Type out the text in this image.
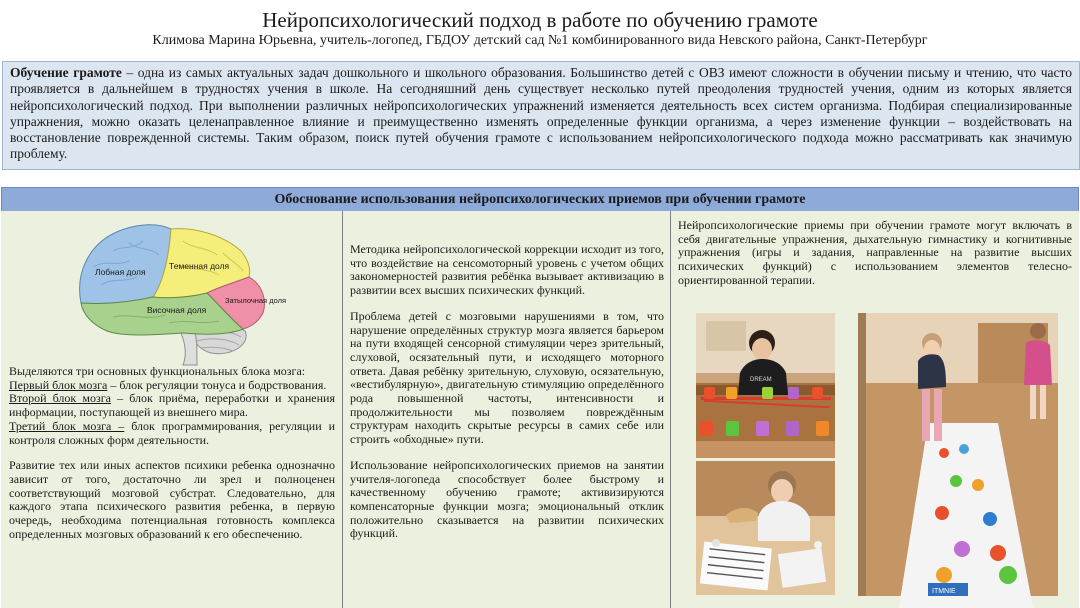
Нейропсихологический подход в работе по обучению грамоте
Климова Марина Юрьевна, учитель-логопед, ГБДОУ детский сад №1 комбинированного вида Невского района, Санкт-Петербург
Обучение грамоте – одна из самых актуальных задач дошкольного и школьного образования. Большинство детей с ОВЗ имеют сложности в обучении письму и чтению, что часто проявляется в дальнейшем в трудностях учения в школе. На сегодняшний день существует несколько путей преодоления трудностей учения, одним из которых является нейропсихологический подход. При выполнении различных нейропсихологических упражнений изменяется деятельность всех систем организма. Подбирая специализированные упражнения, можно оказать целенаправленное влияние и преимущественно изменять определенные функции организма, а через изменение функции – воздействовать на восстановление поврежденной системы. Таким образом, поиск путей обучения грамоте с использованием нейропсихологического подхода можно рассматривать как значимую проблему.
Обоснование использования нейропсихологических приемов при обучении грамоте
Лобная доля
Теменная доля
Височная доля
Затылочная доля

Выделяются три основных функциональных блока мозга:

Первый блок мозга – блок регуляции тонуса и бодрствования.

Второй блок мозга – блок приёма, переработки и хранения информации, поступающей из внешнего мира.

Третий блок мозга – блок программирования, регуляции и контроля сложных форм деятельности.

Развитие тех или иных аспектов психики ребенка однозначно зависит от того, достаточно ли зрел и полноценен соответствующий мозговой субстрат. Следовательно, для каждого этапа психического развития ребенка, в первую очередь, необходима потенциальная готовность комплекса определенных мозговых образований к его обеспечению.

Методика нейропсихологической коррекции исходит из того, что воздействие на сенсомоторный уровень с учетом общих закономерностей развития ребёнка вызывает активизацию в развитии всех высших психических функций.

Проблема детей с мозговыми нарушениями в том, что нарушение определённых структур мозга является барьером на пути входящей сенсорной стимуляции через зрительный, слуховой, осязательный пути, и исходящего моторного ответа. Давая ребёнку зрительную, слуховую, осязательную, «вестибулярную», двигательную стимуляцию определённого рода повышенной частоты, интенсивности и продолжительности мы позволяем повреждённым структурам находить скрытые ресурсы в самих себе или строить «обходные» пути.

Использование нейропсихологических приемов на занятии учителя-логопеда способствует более быстрому и качественному обучению грамоте; активизируются компенсаторные функции мозга; эмоциональный отклик положительно сказывается на развитии психических функций.

Нейропсихологические приемы при обучении грамоте могут включать в себя двигательные упражнения, дыхательную гимнастику и когнитивные упражнения (игры и задания, направленные на развитие высших психических функций) с использованием элементов телесно-ориентированной терапии.

DREAM
ITMNIE
